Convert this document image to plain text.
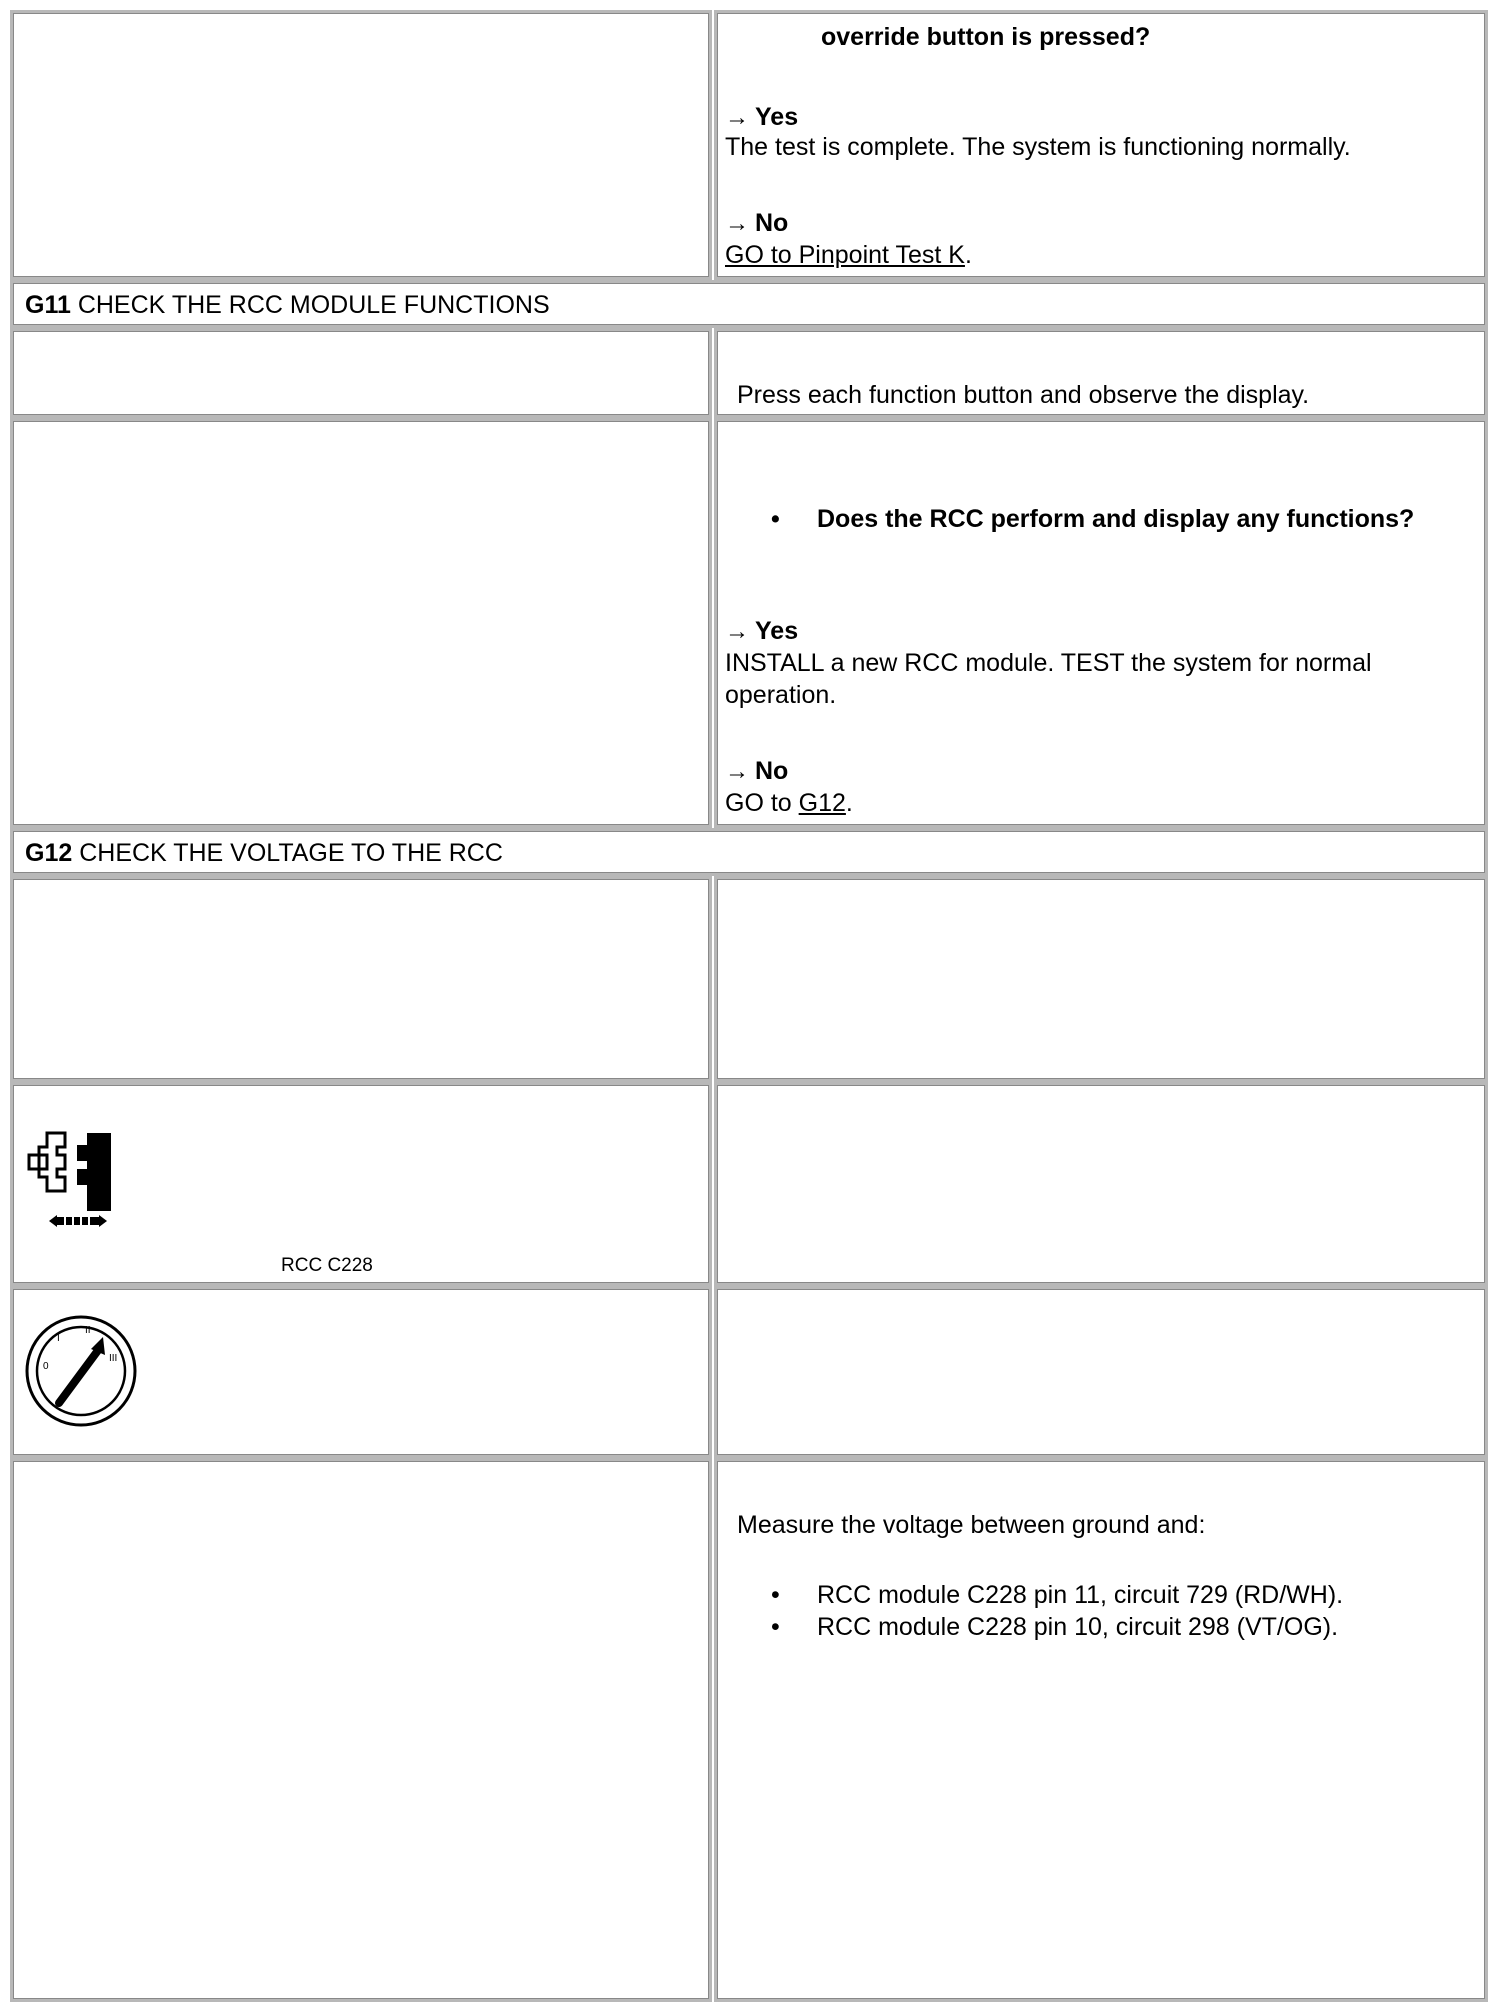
override button is pressed?
→ Yes
The test is complete. The system is functioning normally.
→ No
GO to Pinpoint Test K.
G11 CHECK THE RCC MODULE FUNCTIONS
Press each function button and observe the display.
• Does the RCC perform and display any functions?
→ Yes
INSTALL a new RCC module. TEST the system for normal operation.
→ No
GO to G12.
G12 CHECK THE VOLTAGE TO THE RCC
RCC C228
0
I
II
III
Measure the voltage between ground and:
• RCC module C228 pin 11, circuit 729 (RD/WH).
• RCC module C228 pin 10, circuit 298 (VT/OG).
